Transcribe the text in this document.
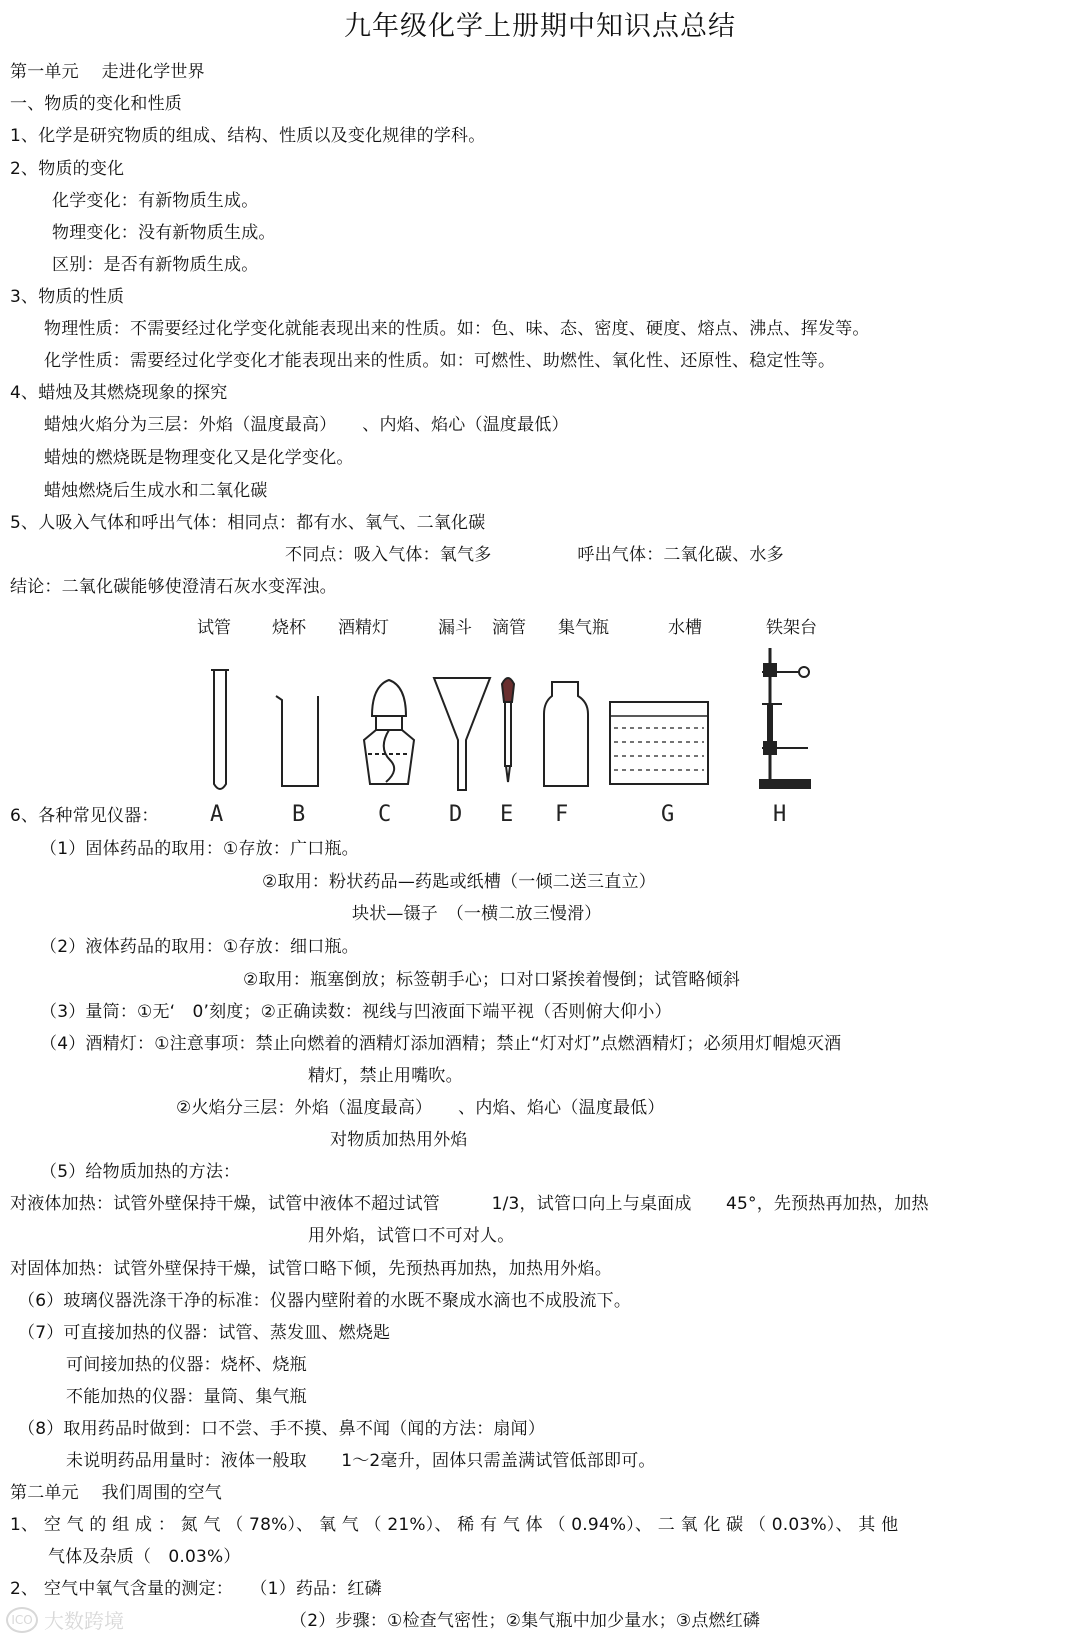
九年级化学上册期中知识点总结
第一单元　 走进化学世界
一、物质的变化和性质
1、化学是研究物质的组成、结构、性质以及变化规律的学科。
2、物质的变化
化学变化：有新物质生成。
物理变化：没有新物质生成。
区别：是否有新物质生成。
3、物质的性质
物理性质：不需要经过化学变化就能表现出来的性质。如：色、味、态、密度、硬度、熔点、沸点、挥发等。
化学性质：需要经过化学变化才能表现出来的性质。如：可燃性、助燃性、氧化性、还原性、稳定性等。
4、蜡烛及其燃烧现象的探究
蜡烛火焰分为三层：外焰（温度最高）　　、内焰、焰心（温度最低）
蜡烛的燃烧既是物理变化又是化学变化。
蜡烛燃烧后生成水和二氧化碳
5、人吸入气体和呼出气体：相同点：都有水、氧气、二氧化碳
不同点：吸入气体：氧气多　　　　　呼出气体：二氧化碳、水多
结论：二氧化碳能够使澄清石灰水变浑浊。
6、各种常见仪器：
（1）固体药品的取用：①存放：广口瓶。
②取用：粉状药品—药匙或纸槽（一倾二送三直立）
块状—镊子　（一横二放三慢滑）
（2）液体药品的取用：①存放：细口瓶。
②取用：瓶塞倒放；标签朝手心；口对口紧挨着慢倒；试管略倾斜
（3）量筒：①无‘　0’刻度；②正确读数：视线与凹液面下端平视（否则俯大仰小）
（4）酒精灯：①注意事项：禁止向燃着的酒精灯添加酒精；禁止“灯对灯”点燃酒精灯；必须用灯帽熄灭酒
精灯，禁止用嘴吹。
②火焰分三层：外焰（温度最高）　　、内焰、焰心（温度最低）
对物质加热用外焰
（5）给物质加热的方法：
对液体加热：试管外壁保持干燥，试管中液体不超过试管　　　1/3，试管口向上与桌面成　　45°，先预热再加热，加热
用外焰，试管口不可对人。
对固体加热：试管外壁保持干燥，试管口略下倾，先预热再加热，加热用外焰。
（6）玻璃仪器洗涤干净的标准：仪器内壁附着的水既不聚成水滴也不成股流下。
（7）可直接加热的仪器：试管、蒸发皿、燃烧匙
可间接加热的仪器：烧杯、烧瓶
不能加热的仪器：量筒、集气瓶
（8）取用药品时做到：口不尝、手不摸、鼻不闻（闻的方法：扇闻）
未说明药品用量时：液体一般取　　1～2毫升，固体只需盖满试管低部即可。
第二单元　 我们周围的空气
1、 空 气 的 组 成 ： 氮 气 （ 78%）、 氧 气 （ 21%）、 稀 有 气 体 （ 0.94%）、 二 氧 化 碳 （ 0.03%）、 其 他
气体及杂质（　0.03%）
2、 空气中氧气含量的测定：　　（1）药品：红磷
（2）步骤：①检查气密性；②集气瓶中加少量水；③点燃红磷
试管 烧杯 酒精灯	漏斗 滴管 集气瓶	水槽	铁架台
A	B	C	D E F	G	H
ICO 大数跨境
